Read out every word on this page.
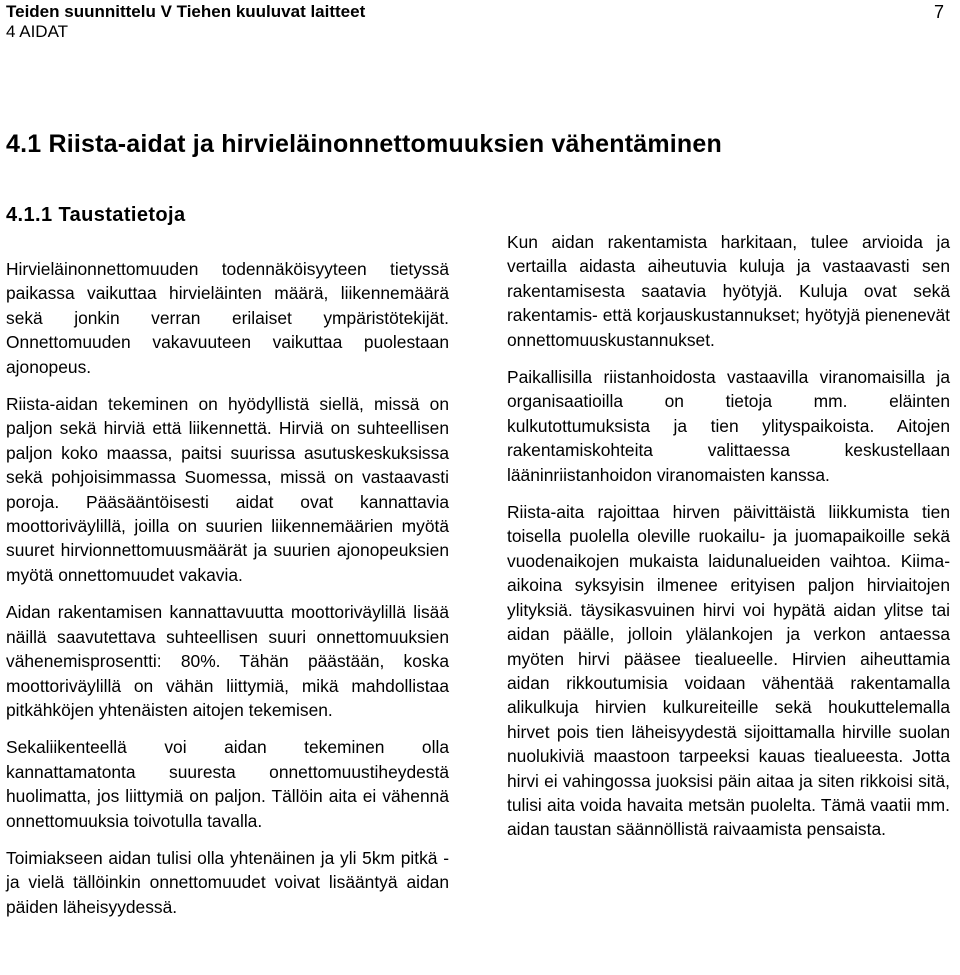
Teiden suunnittelu V Tiehen kuuluvat laitteet
4 AIDAT
7
4.1 Riista-aidat ja hirvieläinonnettomuuksien vähentäminen
4.1.1 Taustatietoja

Hirvieläinonnettomuuden todennäköisyyteen tietyssä paikassa vaikuttaa hirvieläinten määrä, liikennemäärä sekä jonkin verran erilaiset ympäristötekijät. Onnettomuuden vakavuuteen vaikuttaa puolestaan ajonopeus.

Riista-aidan tekeminen on hyödyllistä siellä, missä on paljon sekä hirviä että liikennettä. Hirviä on suhteellisen paljon koko maassa, paitsi suurissa asutuskeskuksissa sekä pohjoisimmassa Suomessa, missä on vastaavasti poroja. Pääsääntöisesti aidat ovat kannattavia moottoriväylillä, joilla on suurien liikennemäärien myötä suuret hirvionnettomuusmäärät ja suurien ajonopeuksien myötä onnettomuudet vakavia.

Aidan rakentamisen kannattavuutta moottoriväylillä lisää näillä saavutettava suhteellisen suuri onnettomuuksien vähenemisprosentti: 80%. Tähän päästään, koska moottoriväylillä on vähän liittymiä, mikä mahdollistaa pitkähköjen yhtenäisten aitojen tekemisen.

Sekaliikenteellä voi aidan tekeminen olla kannattamatonta suuresta onnettomuustiheydestä huolimatta, jos liittymiä on paljon. Tällöin aita ei vähennä onnettomuuksia toivotulla tavalla.

Toimiakseen aidan tulisi olla yhtenäinen ja yli 5km pitkä - ja vielä tällöinkin onnettomuudet voivat lisääntyä aidan päiden läheisyydessä.

Kun aidan rakentamista harkitaan, tulee arvioida ja vertailla aidasta aiheutuvia kuluja ja vastaavasti sen rakentamisesta saatavia hyötyjä. Kuluja ovat sekä rakentamis- että korjauskustannukset; hyötyjä pienenevät onnettomuuskustannukset.

Paikallisilla riistanhoidosta vastaavilla viranomaisilla ja organisaatioilla on tietoja mm. eläinten kulkutottumuksista ja tien ylityspaikoista. Aitojen rakentamiskohteita valittaessa keskustellaan lääninriistanhoidon viranomaisten kanssa.

Riista-aita rajoittaa hirven päivittäistä liikkumista tien toisella puolella oleville ruokailu- ja juomapaikoille sekä vuodenaikojen mukaista laidunalueiden vaihtoa. Kiima-aikoina syksyisin ilmenee erityisen paljon hirviaitojen ylityksiä. täysikasvuinen hirvi voi hypätä aidan ylitse tai aidan päälle, jolloin ylälankojen ja verkon antaessa myöten hirvi pääsee tiealueelle. Hirvien aiheuttamia aidan rikkoutumisia voidaan vähentää rakentamalla alikulkuja hirvien kulkureiteille sekä houkuttelemalla hirvet pois tien läheisyydestä sijoittamalla hirville suolan nuolukiviä maastoon tarpeeksi kauas tiealueesta. Jotta hirvi ei vahingossa juoksisi päin aitaa ja siten rikkoisi sitä, tulisi aita voida havaita metsän puolelta. Tämä vaatii mm. aidan taustan säännöllistä raivaamista pensaista.
